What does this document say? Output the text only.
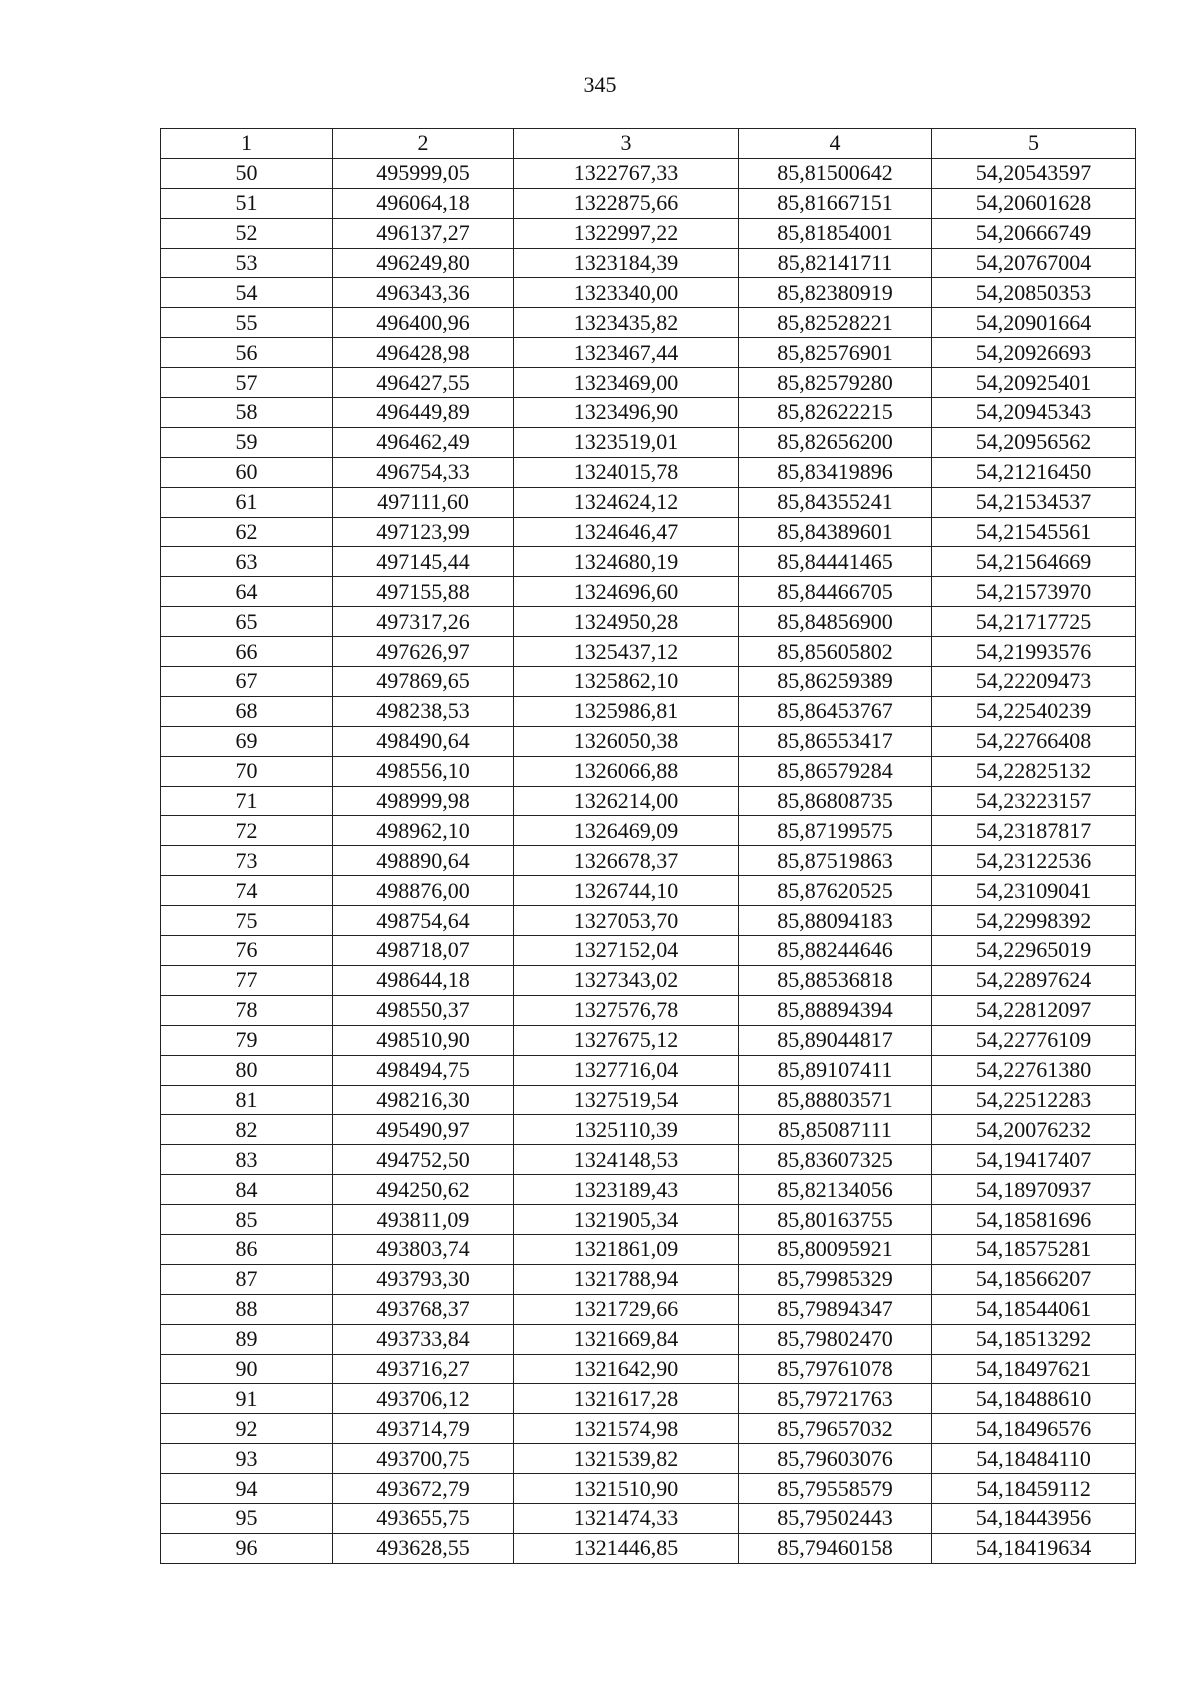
345
1	2	3	4	5
50	495999,05	1322767,33	85,81500642	54,20543597
51	496064,18	1322875,66	85,81667151	54,20601628
52	496137,27	1322997,22	85,81854001	54,20666749
53	496249,80	1323184,39	85,82141711	54,20767004
54	496343,36	1323340,00	85,82380919	54,20850353
55	496400,96	1323435,82	85,82528221	54,20901664
56	496428,98	1323467,44	85,82576901	54,20926693
57	496427,55	1323469,00	85,82579280	54,20925401
58	496449,89	1323496,90	85,82622215	54,20945343
59	496462,49	1323519,01	85,82656200	54,20956562
60	496754,33	1324015,78	85,83419896	54,21216450
61	497111,60	1324624,12	85,84355241	54,21534537
62	497123,99	1324646,47	85,84389601	54,21545561
63	497145,44	1324680,19	85,84441465	54,21564669
64	497155,88	1324696,60	85,84466705	54,21573970
65	497317,26	1324950,28	85,84856900	54,21717725
66	497626,97	1325437,12	85,85605802	54,21993576
67	497869,65	1325862,10	85,86259389	54,22209473
68	498238,53	1325986,81	85,86453767	54,22540239
69	498490,64	1326050,38	85,86553417	54,22766408
70	498556,10	1326066,88	85,86579284	54,22825132
71	498999,98	1326214,00	85,86808735	54,23223157
72	498962,10	1326469,09	85,87199575	54,23187817
73	498890,64	1326678,37	85,87519863	54,23122536
74	498876,00	1326744,10	85,87620525	54,23109041
75	498754,64	1327053,70	85,88094183	54,22998392
76	498718,07	1327152,04	85,88244646	54,22965019
77	498644,18	1327343,02	85,88536818	54,22897624
78	498550,37	1327576,78	85,88894394	54,22812097
79	498510,90	1327675,12	85,89044817	54,22776109
80	498494,75	1327716,04	85,89107411	54,22761380
81	498216,30	1327519,54	85,88803571	54,22512283
82	495490,97	1325110,39	85,85087111	54,20076232
83	494752,50	1324148,53	85,83607325	54,19417407
84	494250,62	1323189,43	85,82134056	54,18970937
85	493811,09	1321905,34	85,80163755	54,18581696
86	493803,74	1321861,09	85,80095921	54,18575281
87	493793,30	1321788,94	85,79985329	54,18566207
88	493768,37	1321729,66	85,79894347	54,18544061
89	493733,84	1321669,84	85,79802470	54,18513292
90	493716,27	1321642,90	85,79761078	54,18497621
91	493706,12	1321617,28	85,79721763	54,18488610
92	493714,79	1321574,98	85,79657032	54,18496576
93	493700,75	1321539,82	85,79603076	54,18484110
94	493672,79	1321510,90	85,79558579	54,18459112
95	493655,75	1321474,33	85,79502443	54,18443956
96	493628,55	1321446,85	85,79460158	54,18419634
